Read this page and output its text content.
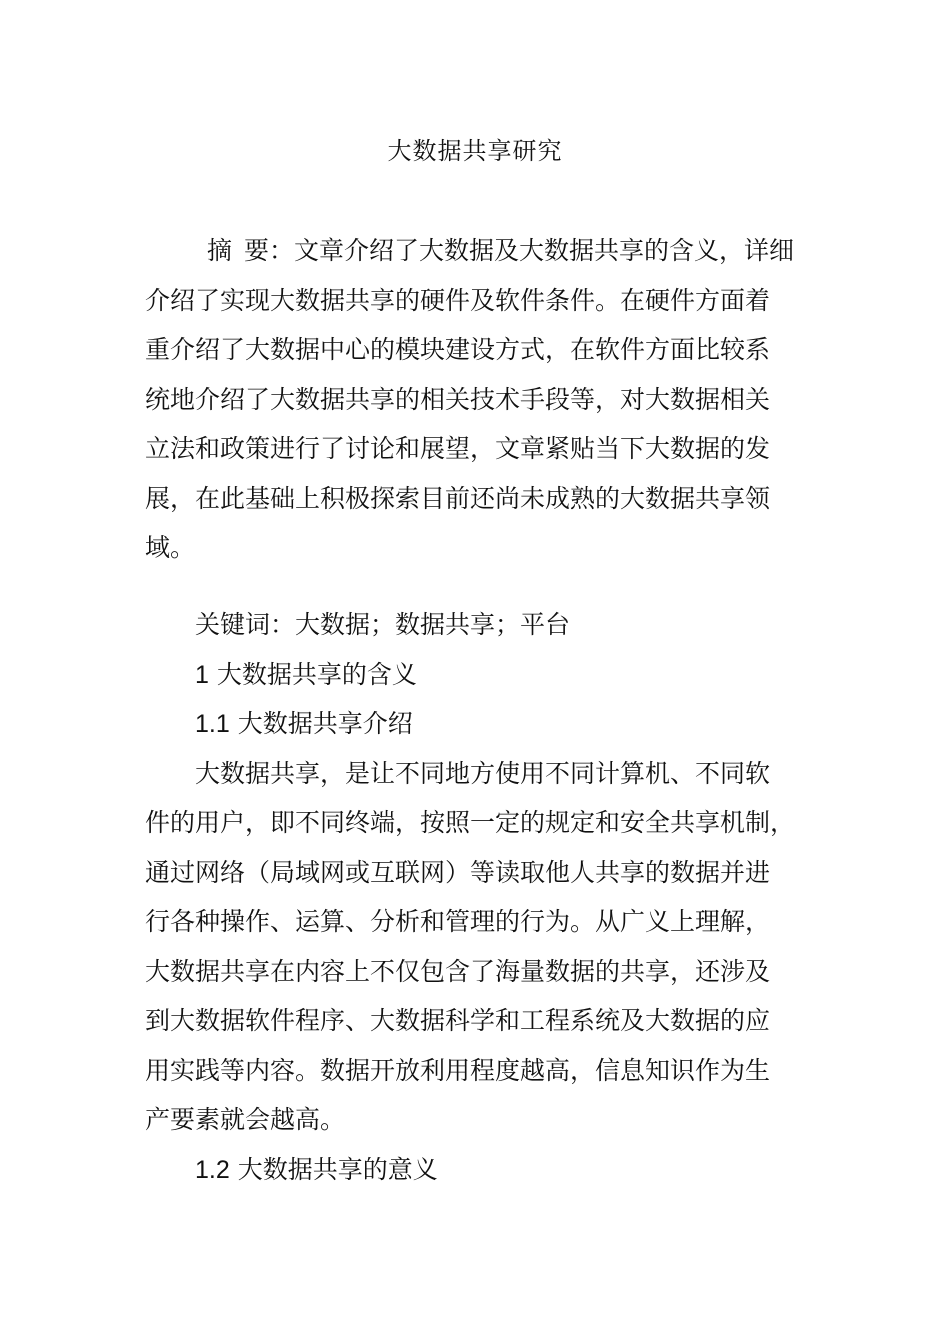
大数据共享研究
摘 要：文章介绍了大数据及大数据共享的含义，详细
介绍了实现大数据共享的硬件及软件条件。在硬件方面着
重介绍了大数据中心的模块建设方式，在软件方面比较系
统地介绍了大数据共享的相关技术手段等，对大数据相关
立法和政策进行了讨论和展望，文章紧贴当下大数据的发
展，在此基础上积极探索目前还尚未成熟的大数据共享领
域。
关键词：大数据；数据共享；平台
1 大数据共享的含义
1.1 大数据共享介绍
大数据共享，是让不同地方使用不同计算机、不同软
件的用户，即不同终端，按照一定的规定和安全共享机制，
通过网络（局域网或互联网）等读取他人共享的数据并进
行各种操作、运算、分析和管理的行为。从广义上理解，
大数据共享在内容上不仅包含了海量数据的共享，还涉及
到大数据软件程序、大数据科学和工程系统及大数据的应
用实践等内容。数据开放利用程度越高，信息知识作为生
产要素就会越高。
1.2 大数据共享的意义
